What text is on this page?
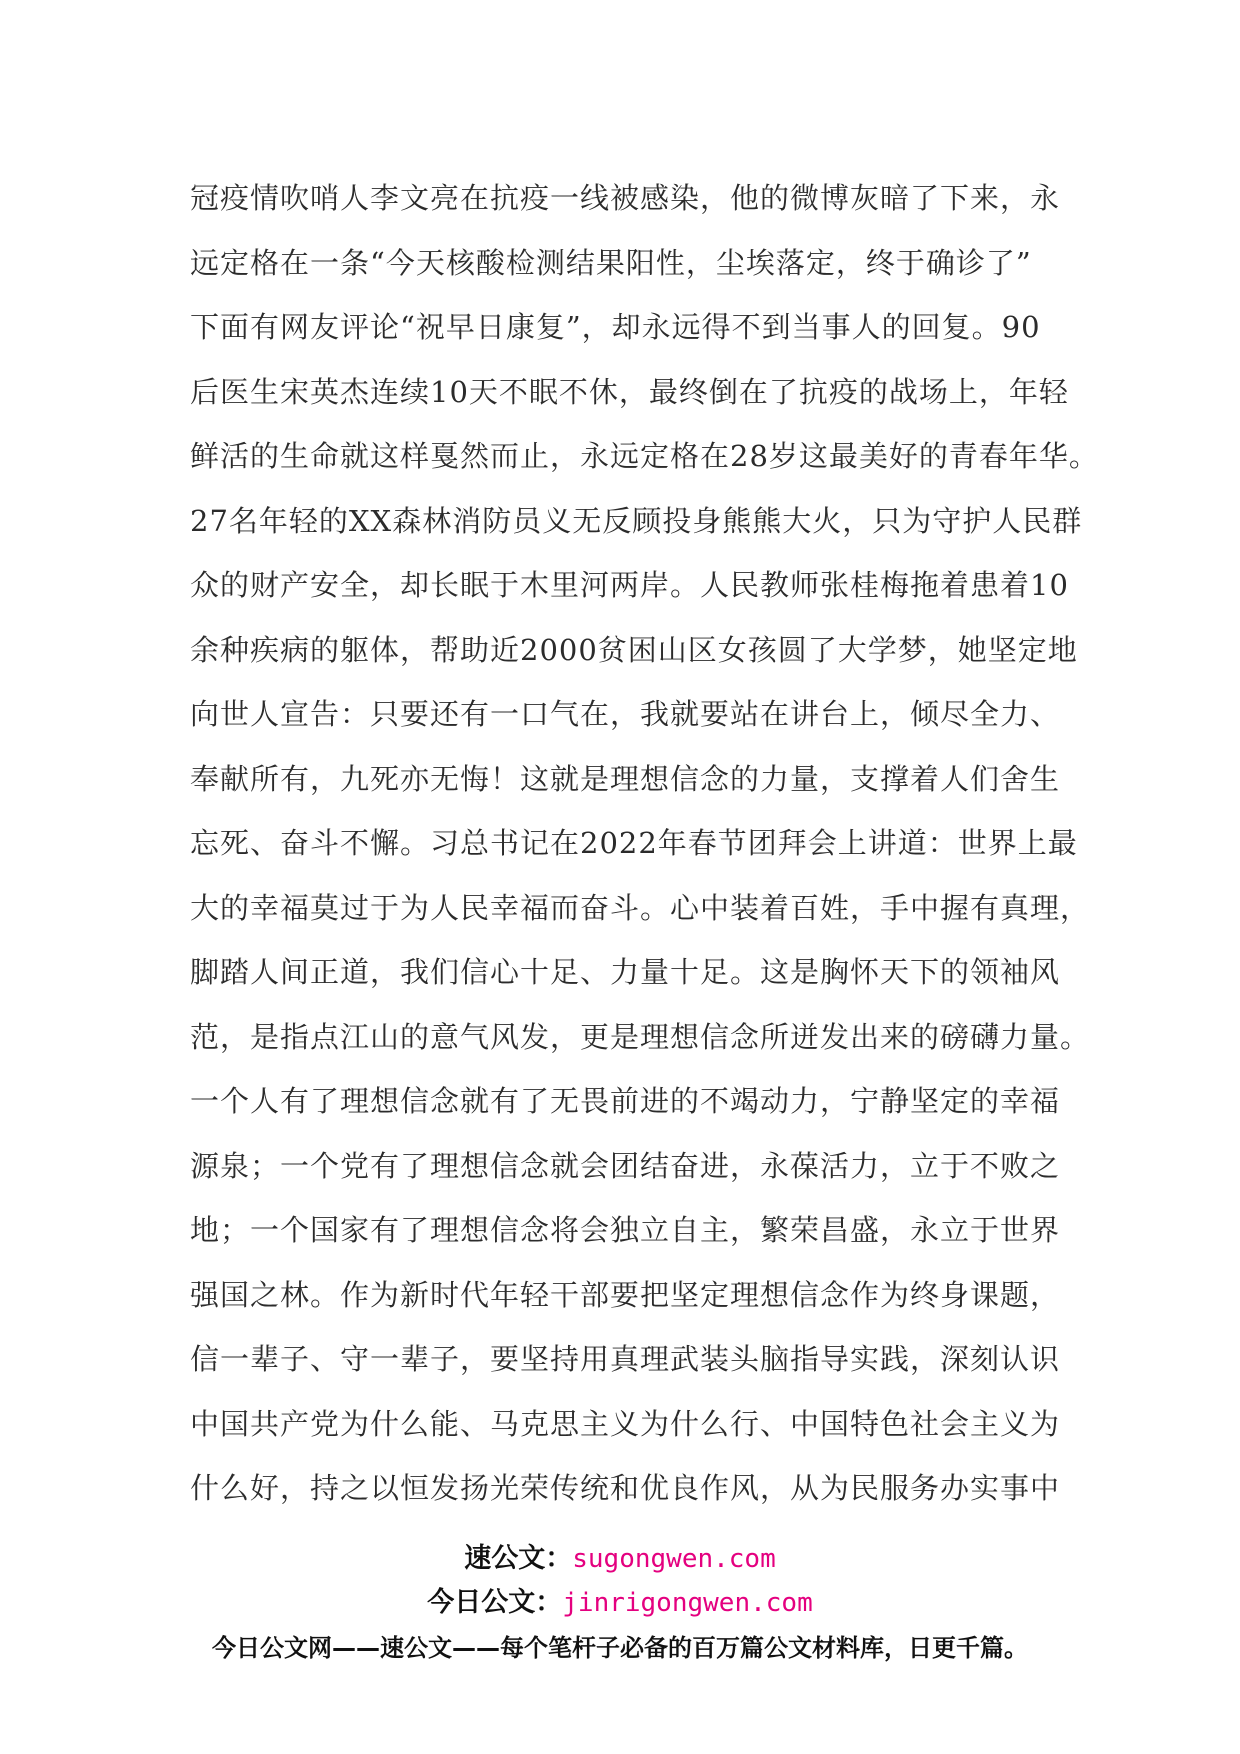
冠疫情吹哨人李文亮在抗疫一线被感染，他的微博灰暗了下来，永
远定格在一条“今天核酸检测结果阳性，尘埃落定，终于确诊了”
下面有网友评论“祝早日康复”，却永远得不到当事人的回复。90
后医生宋英杰连续10天不眠不休，最终倒在了抗疫的战场上，年轻
鲜活的生命就这样戛然而止，永远定格在28岁这最美好的青春年华。
27名年轻的XX森林消防员义无反顾投身熊熊大火，只为守护人民群
众的财产安全，却长眠于木里河两岸。人民教师张桂梅拖着患着10
余种疾病的躯体，帮助近2000贫困山区女孩圆了大学梦，她坚定地
向世人宣告：只要还有一口气在，我就要站在讲台上，倾尽全力、
奉献所有，九死亦无悔！这就是理想信念的力量，支撑着人们舍生
忘死、奋斗不懈。习总书记在2022年春节团拜会上讲道：世界上最
大的幸福莫过于为人民幸福而奋斗。心中装着百姓，手中握有真理，
脚踏人间正道，我们信心十足、力量十足。这是胸怀天下的领袖风
范，是指点江山的意气风发，更是理想信念所迸发出来的磅礴力量。
一个人有了理想信念就有了无畏前进的不竭动力，宁静坚定的幸福
源泉；一个党有了理想信念就会团结奋进，永葆活力，立于不败之
地；一个国家有了理想信念将会独立自主，繁荣昌盛，永立于世界
强国之林。作为新时代年轻干部要把坚定理想信念作为终身课题，
信一辈子、守一辈子，要坚持用真理武装头脑指导实践，深刻认识
中国共产党为什么能、马克思主义为什么行、中国特色社会主义为
什么好，持之以恒发扬光荣传统和优良作风，从为民服务办实事中
速公文：sugongwen.com
今日公文：jinrigongwen.com
今日公文网——速公文——每个笔杆子必备的百万篇公文材料库，日更千篇。
